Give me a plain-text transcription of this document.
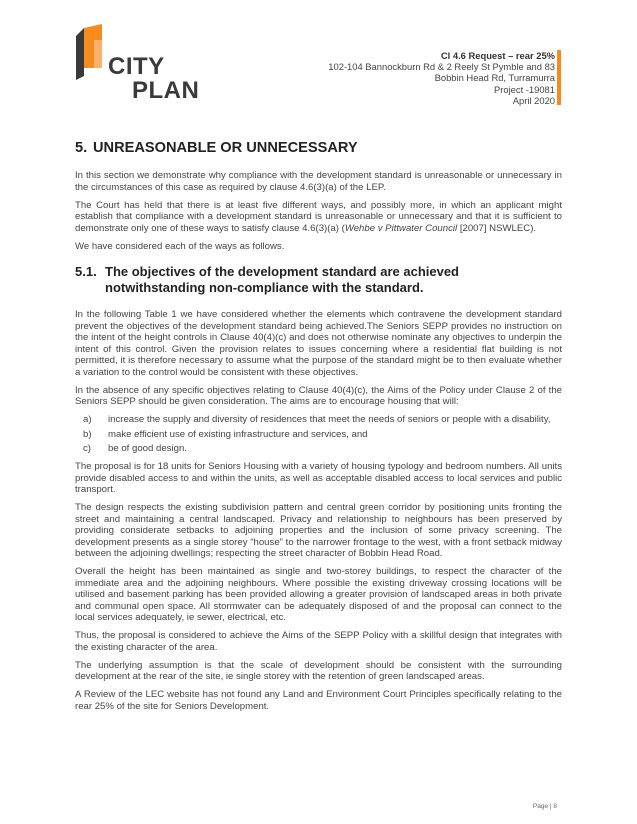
CITY
PLAN
Cl 4.6 Request – rear 25%
102-104 Bannockburn Rd & 2 Reely St Pymble and 83
Bobbin Head Rd, Turramurra
Project -19081
April 2020
5. UNREASONABLE OR UNNECESSARY

In this section we demonstrate why compliance with the development standard is unreasonable or unnecessary in the circumstances of this case as required by clause 4.6(3)(a) of the LEP.

The Court has held that there is at least five different ways, and possibly more, in which an applicant might establish that compliance with a development standard is unreasonable or unnecessary and that it is sufficient to demonstrate only one of these ways to satisfy clause 4.6(3)(a) (Wehbe v Pittwater Council [2007] NSWLEC).

We have considered each of the ways as follows.

5.1. The objectives of the development standard are achieved notwithstanding non-compliance with the standard.

In the following Table 1 we have considered whether the elements which contravene the development standard prevent the objectives of the development standard being achieved.The Seniors SEPP provides no instruction on the intent of the height controls in Clause 40(4)(c) and does not otherwise nominate any objectives to underpin the intent of this control. Given the provision relates to issues concerning where a residential flat building is not permitted, it is therefore necessary to assume what the purpose of the standard might be to then evaluate whether a variation to the control would be consistent with these objectives.

In the absence of any specific objectives relating to Clause 40(4)(c), the Aims of the Policy under Clause 2 of the Seniors SEPP should be given consideration. The aims are to encourage housing that will:

a)	increase the supply and diversity of residences that meet the needs of seniors or people with a disability,
b)	make efficient use of existing infrastructure and services, and
c)	be of good design.

The proposal is for 18 units for Seniors Housing with a variety of housing typology and bedroom numbers. All units provide disabled access to and within the units, as well as acceptable disabled access to local services and public transport.

The design respects the existing subdivision pattern and central green corridor by positioning units fronting the street and maintaining a central landscaped. Privacy and relationship to neighbours has been preserved by providing considerate setbacks to adjoining properties and the inclusion of some privacy screening. The development presents as a single storey “house” to the narrower frontage to the west, with a front setback midway between the adjoining dwellings; respecting the street character of Bobbin Head Road.

Overall the height has been maintained as single and two-storey buildings, to respect the character of the immediate area and the adjoining neighbours. Where possible the existing driveway crossing locations will be utilised and basement parking has been provided allowing a greater provision of landscaped areas in both private and communal open space. All stormwater can be adequately disposed of and the proposal can connect to the local services adequately, ie sewer, electrical, etc.

Thus, the proposal is considered to achieve the Aims of the SEPP Policy with a skillful design that integrates with the existing character of the area.

The underlying assumption is that the scale of development should be consistent with the surrounding development at the rear of the site, ie single storey with the retention of green landscaped areas.

A Review of the LEC website has not found any Land and Environment Court Principles specifically relating to the rear 25% of the site for Seniors Development.

Page | 8
